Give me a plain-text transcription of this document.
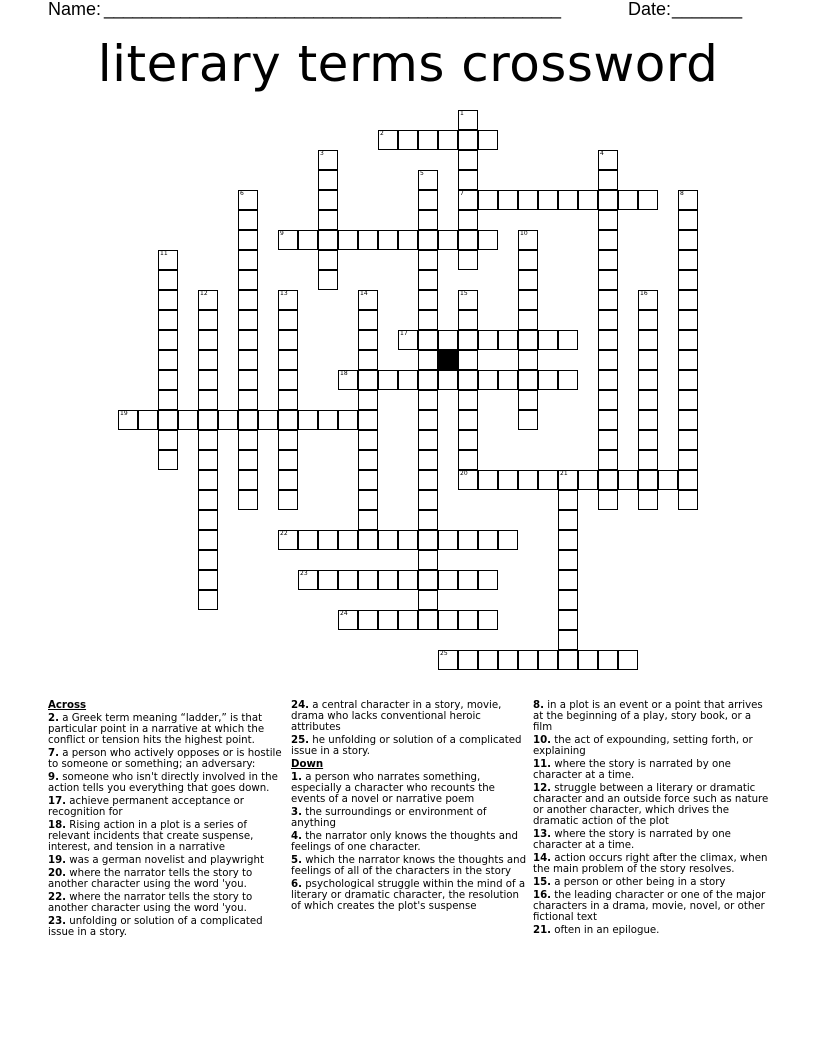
Name: ________________________________________________	Date: _______
literary terms crossword
1
7
2
3	4
5
6	8
9	10
11
12	13	14	15
20
16
17
18
19
21
22
23
24
25
Across
2. a Greek term meaning “ladder,” is that particular point in a narrative at which the conflict or tension hits the highest point.
7. a person who actively opposes or is hostile to someone or something; an adversary:
9. someone who isn't directly involved in the action tells you everything that goes down.
17. achieve permanent acceptance or recognition for
18. Rising action in a plot is a series of relevant incidents that create suspense, interest, and tension in a narrative
19. was a german novelist and playwright
20. where the narrator tells the story to another character using the word 'you.
22. where the narrator tells the story to another character using the word 'you.
23. unfolding or solution of a complicated issue in a story.
24. a central character in a story, movie, drama who lacks conventional heroic attributes
25. he unfolding or solution of a complicated issue in a story.
Down
1. a person who narrates something, especially a character who recounts the events of a novel or narrative poem
3. the surroundings or environment of anything
4. the narrator only knows the thoughts and feelings of one character.
5. which the narrator knows the thoughts and feelings of all of the characters in the story
6. psychological struggle within the mind of a literary or dramatic character, the resolution of which creates the plot's suspense
8. in a plot is an event or a point that arrives at the beginning of a play, story book, or a film
10. the act of expounding, setting forth, or explaining
11. where the story is narrated by one character at a time.
12. struggle between a literary or dramatic character and an outside force such as nature or another character, which drives the dramatic action of the plot
13. where the story is narrated by one character at a time.
14. action occurs right after the climax, when the main problem of the story resolves.
15. a person or other being in a story
16. the leading character or one of the major characters in a drama, movie, novel, or other fictional text
21. often in an epilogue.
